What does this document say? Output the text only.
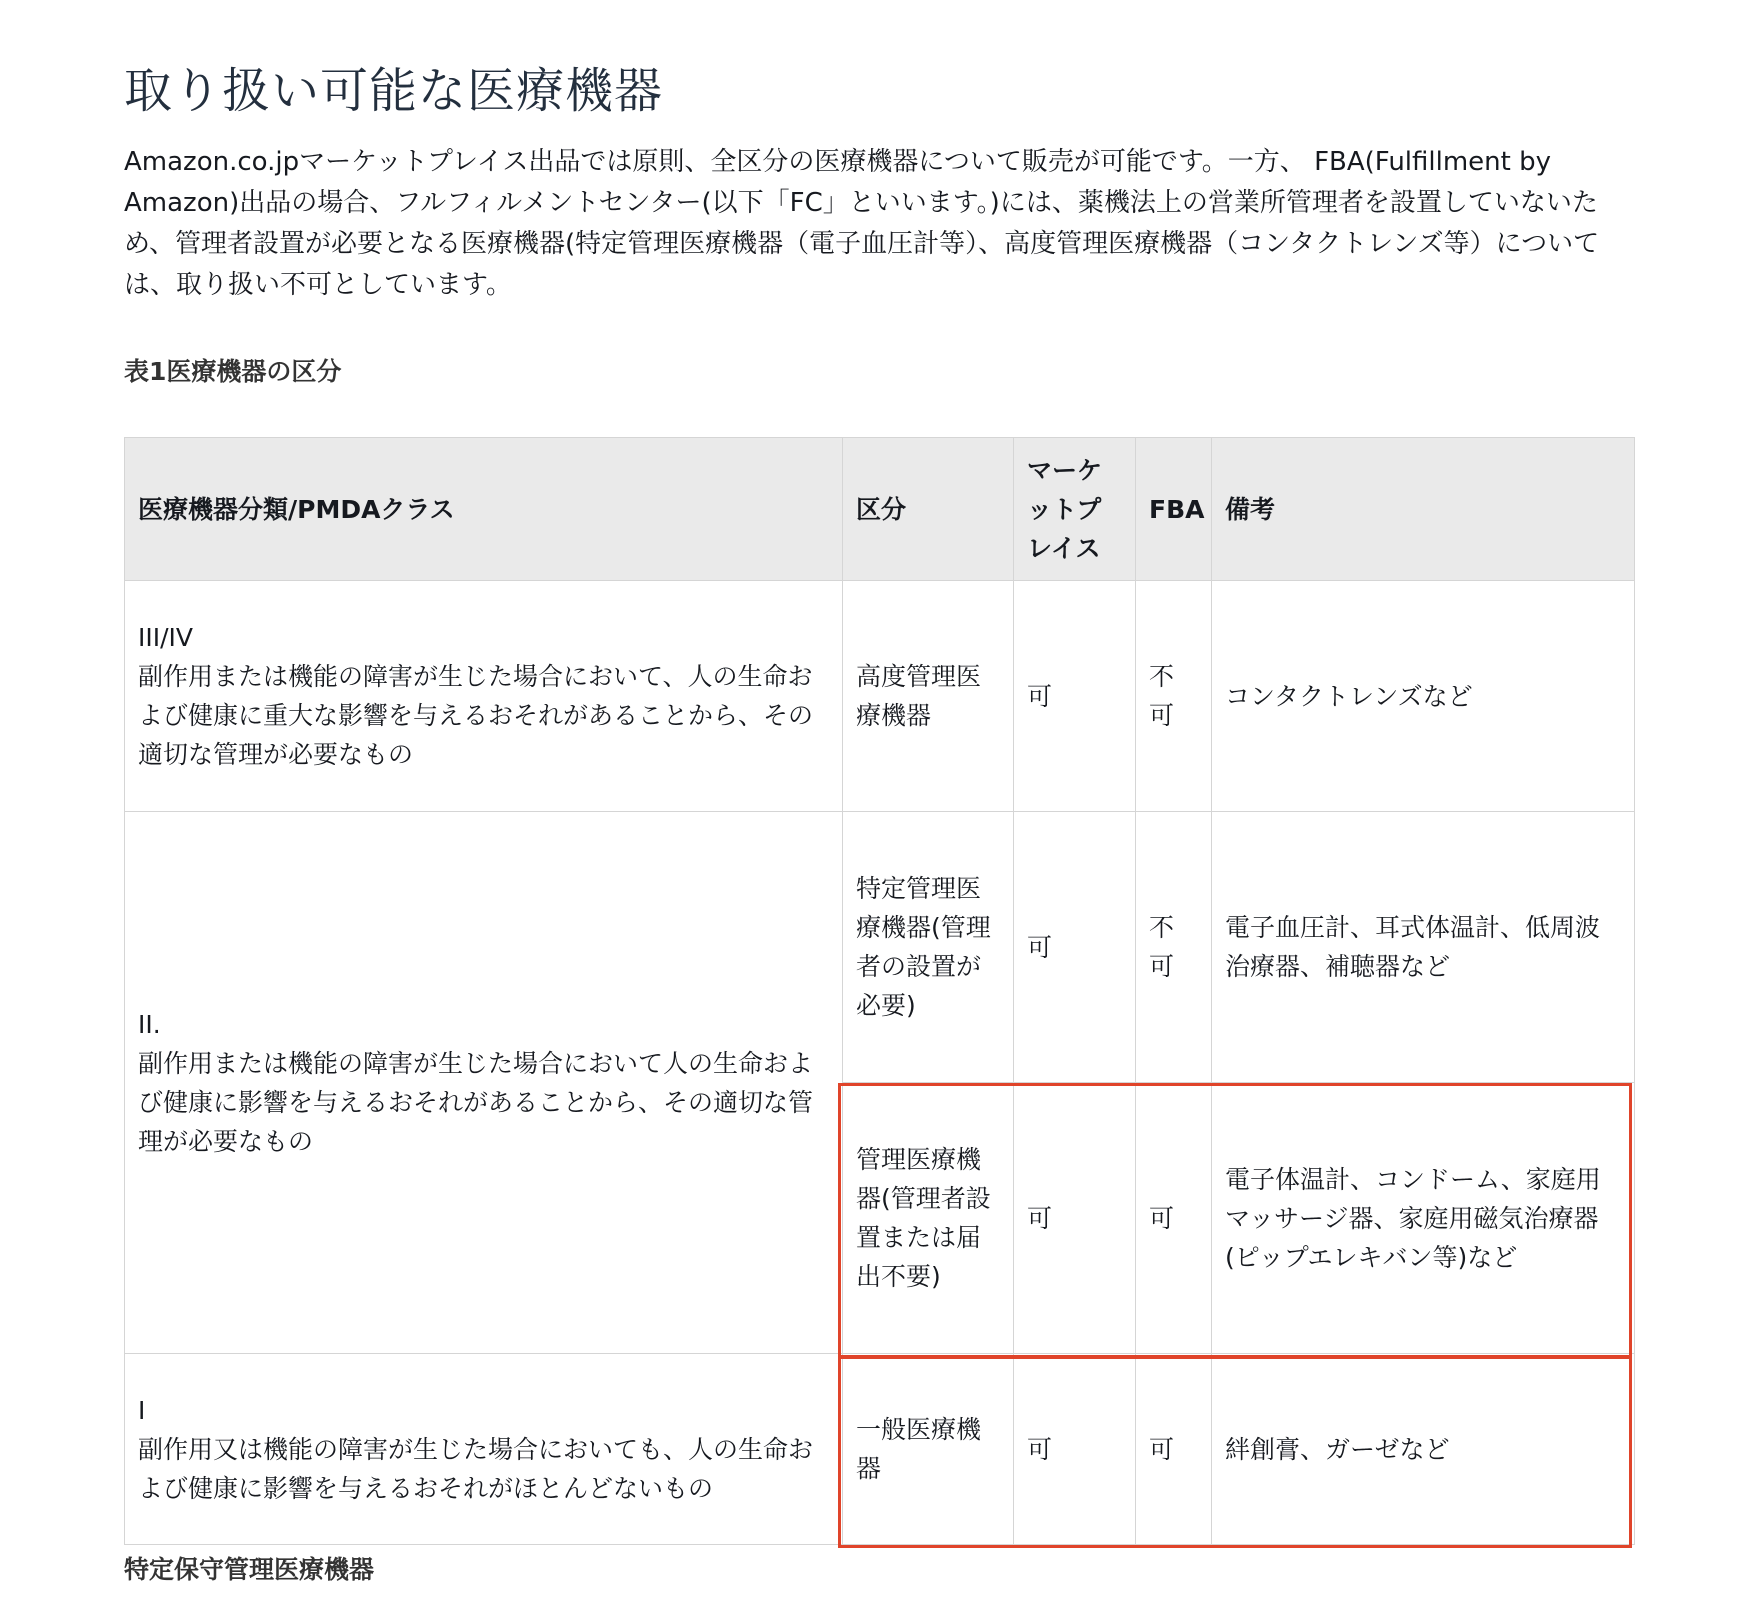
取り扱い可能な医療機器

Amazon.co.jpマーケットプレイス出品では原則、全区分の医療機器について販売が可能です。一方、 FBA(Fulfillment by Amazon)出品の場合、フルフィルメントセンター(以下「FC」といいます。)には、薬機法上の営業所管理者を設置していないため、管理者設置が必要となる医療機器(特定管理医療機器（電子血圧計等）、高度管理医療機器（コンタクトレンズ等）については、取り扱い不可としています。

表1医療機器の区分

医療機器分類/PMDAクラス	区分	マーケットプレイス	FBA	備考

III/IV
副作用または機能の障害が生じた場合において、人の生命および健康に重大な影響を与えるおそれがあることから、その適切な管理が必要なもの	高度管理医療機器	可	不可	コンタクトレンズなど

II.
副作用または機能の障害が生じた場合において人の生命および健康に影響を与えるおそれがあることから、その適切な管理が必要なもの	特定管理医療機器(管理者の設置が必要)	可	不可	電子血圧計、耳式体温計、低周波治療器、補聴器など
	管理医療機器(管理者設置または届出不要)	可	可	電子体温計、コンドーム、家庭用マッサージ器、家庭用磁気治療器(ピップエレキバン等)など

I
副作用又は機能の障害が生じた場合においても、人の生命および健康に影響を与えるおそれがほとんどないもの	一般医療機器	可	可	絆創膏、ガーゼなど

特定保守管理医療機器
